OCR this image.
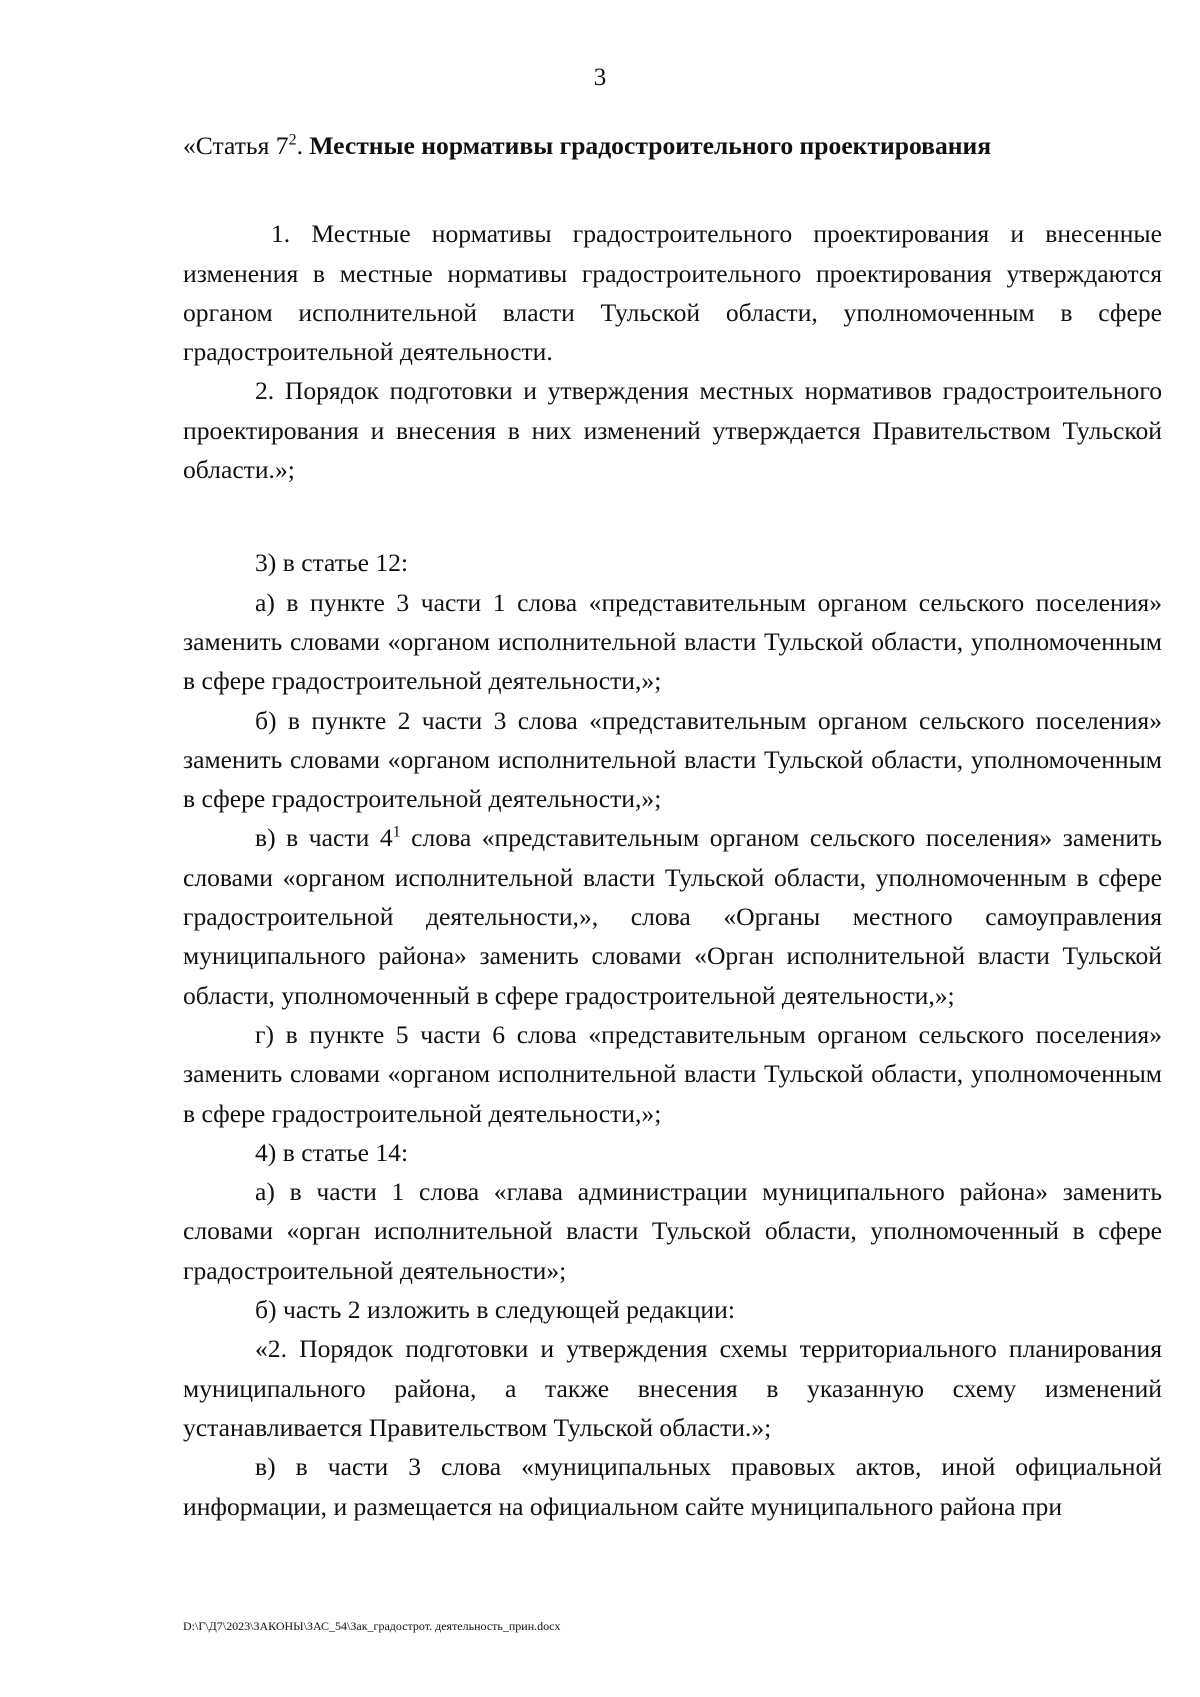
3

«Статья $7^2$. Местные нормативы градостроительного проектирования

1. Местные нормативы градостроительного проектирования и внесенные изменения в местные нормативы градостроительного проектирования утверждаются органом исполнительной власти Тульской области, уполномоченным в сфере градостроительной деятельности.

2. Порядок подготовки и утверждения местных нормативов градостроительного проектирования и внесения в них изменений утверждается Правительством Тульской области.»;

3) в статье 12:

а) в пункте 3 части 1 слова «представительным органом сельского поселения» заменить словами «органом исполнительной власти Тульской области, уполномоченным в сфере градостроительной деятельности,»;

б) в пункте 2 части 3 слова «представительным органом сельского поселения» заменить словами «органом исполнительной власти Тульской области, уполномоченным в сфере градостроительной деятельности,»;

в) в части $4^1$ слова «представительным органом сельского поселения» заменить словами «органом исполнительной власти Тульской области, уполномоченным в сфере градостроительной деятельности,», слова «Органы местного самоуправления муниципального района» заменить словами «Орган исполнительной власти Тульской области, уполномоченный в сфере градостроительной деятельности,»;

г) в пункте 5 части 6 слова «представительным органом сельского поселения» заменить словами «органом исполнительной власти Тульской области, уполномоченным в сфере градостроительной деятельности,»;

4) в статье 14:

а) в части 1 слова «глава администрации муниципального района» заменить словами «орган исполнительной власти Тульской области, уполномоченный в сфере градостроительной деятельности»;

б) часть 2 изложить в следующей редакции:

«2. Порядок подготовки и утверждения схемы территориального планирования муниципального района, а также внесения в указанную схему изменений устанавливается Правительством Тульской области.»;

в) в части 3 слова «муниципальных правовых актов, иной официальной информации, и размещается на официальном сайте муниципального района при

D:\Г\Д7\2023\ЗАКОНЫ\ЗАС_54\Зак_градострот. деятельность_прин.docx
